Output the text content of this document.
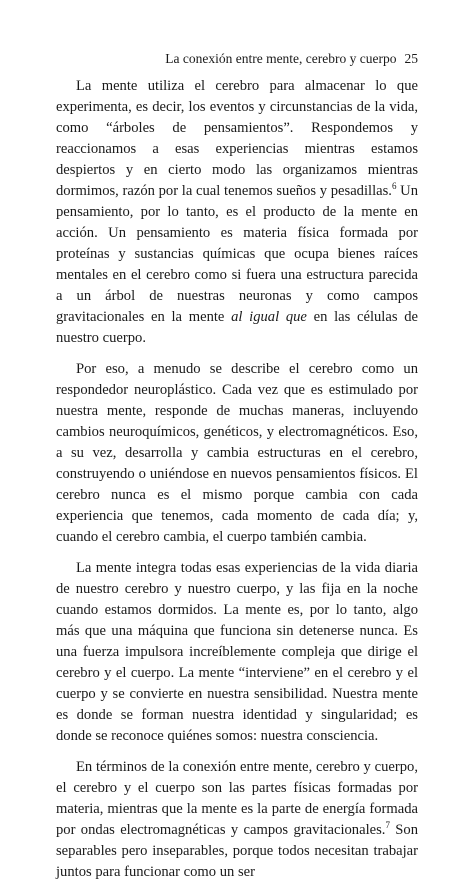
La conexión entre mente, cerebro y cuerpo 25

La mente utiliza el cerebro para almacenar lo que experimenta, es decir, los eventos y circunstancias de la vida, como “árboles de pensamientos”. Respondemos y reaccionamos a esas experiencias mientras estamos despiertos y en cierto modo las organizamos mientras dormimos, razón por la cual tenemos sueños y pesadillas.$^6$ Un pensamiento, por lo tanto, es el producto de la mente en acción. Un pensamiento es materia física formada por proteínas y sustancias químicas que ocupa bienes raíces mentales en el cerebro como si fuera una estructura parecida a un árbol de nuestras neuronas y como campos gravitacionales en la mente al igual que en las células de nuestro cuerpo.

Por eso, a menudo se describe el cerebro como un respondedor neuroplástico. Cada vez que es estimulado por nuestra mente, responde de muchas maneras, incluyendo cambios neuroquímicos, genéticos, y electromagnéticos. Eso, a su vez, desarrolla y cambia estructuras en el cerebro, construyendo o uniéndose en nuevos pensamientos físicos. El cerebro nunca es el mismo porque cambia con cada experiencia que tenemos, cada momento de cada día; y, cuando el cerebro cambia, el cuerpo también cambia.

La mente integra todas esas experiencias de la vida diaria de nuestro cerebro y nuestro cuerpo, y las fija en la noche cuando estamos dormidos. La mente es, por lo tanto, algo más que una máquina que funciona sin detenerse nunca. Es una fuerza impulsora increíblemente compleja que dirige el cerebro y el cuerpo. La mente “interviene” en el cerebro y el cuerpo y se convierte en nuestra sensibilidad. Nuestra mente es donde se forman nuestra identidad y singularidad; es donde se reconoce quiénes somos: nuestra consciencia.

En términos de la conexión entre mente, cerebro y cuerpo, el cerebro y el cuerpo son las partes físicas formadas por materia, mientras que la mente es la parte de energía formada por ondas electromagnéticas y campos gravitacionales.$^7$ Son separables pero inseparables, porque todos necesitan trabajar juntos para funcionar como un ser
